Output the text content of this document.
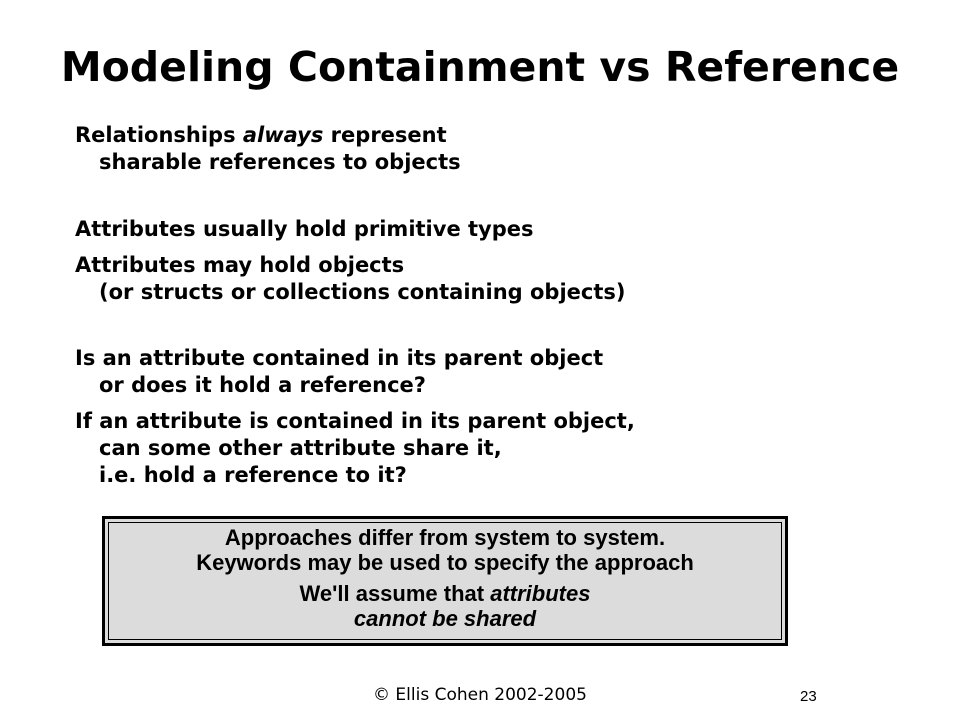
Modeling Containment vs Reference
Relationships always represent
sharable references to objects
Attributes usually hold primitive types
Attributes may hold objects
(or structs or collections containing objects)
Is an attribute contained in its parent object
or does it hold a reference?
If an attribute is contained in its parent object,
can some other attribute share it,
i.e. hold a reference to it?
Approaches differ from system to system.
Keywords may be used to specify the approach
We'll assume that attributes
cannot be shared
© Ellis Cohen 2002-2005	23
